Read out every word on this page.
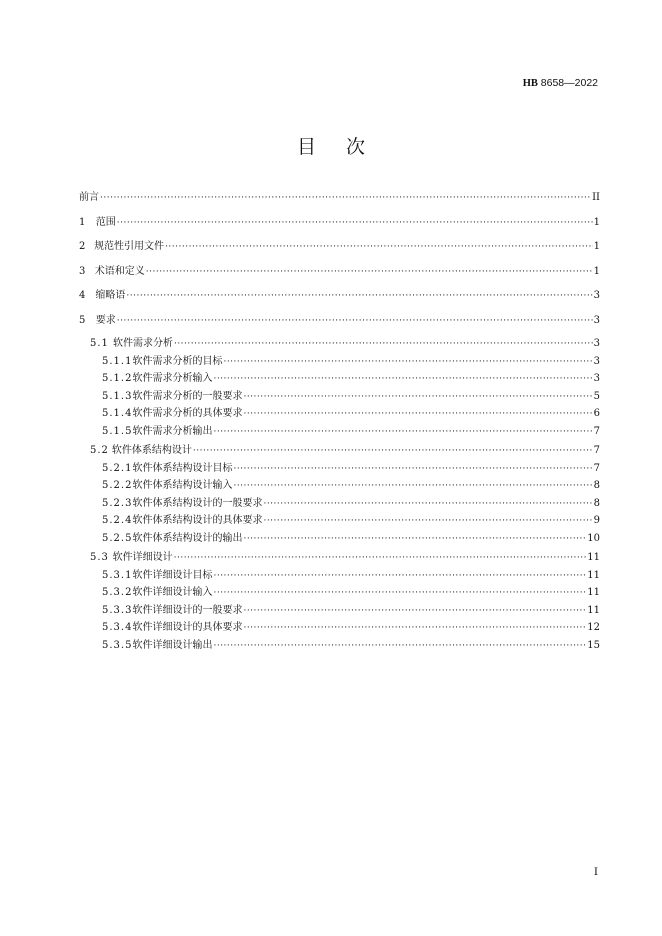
HB 8658—2022
目次
前言 ·····	II
1 范围 ·····	1
2 规范性引用文件 ·····	1
3 术语和定义 ·····	1
4 缩略语 ·····	3
5 要求 ·····	3
5.1 软件需求分析 ·····	3
5.1.1 软件需求分析的目标 ·····	3
5.1.2 软件需求分析输入 ·····	3
5.1.3 软件需求分析的一般要求 ·····	5
5.1.4 软件需求分析的具体要求 ·····	6
5.1.5 软件需求分析输出 ·····	7
5.2 软件体系结构设计 ·····	7
5.2.1 软件体系结构设计目标 ·····	7
5.2.2 软件体系结构设计输入 ·····	8
5.2.3 软件体系结构设计的一般要求 ·····	8
5.2.4 软件体系结构设计的具体要求 ·····	9
5.2.5 软件体系结构设计的输出 ·····	10
5.3 软件详细设计 ·····	11
5.3.1 软件详细设计目标 ·····	11
5.3.2 软件详细设计输入 ·····	11
5.3.3 软件详细设计的一般要求 ·····	11
5.3.4 软件详细设计的具体要求 ·····	12
5.3.5 软件详细设计输出 ·····	15
I
